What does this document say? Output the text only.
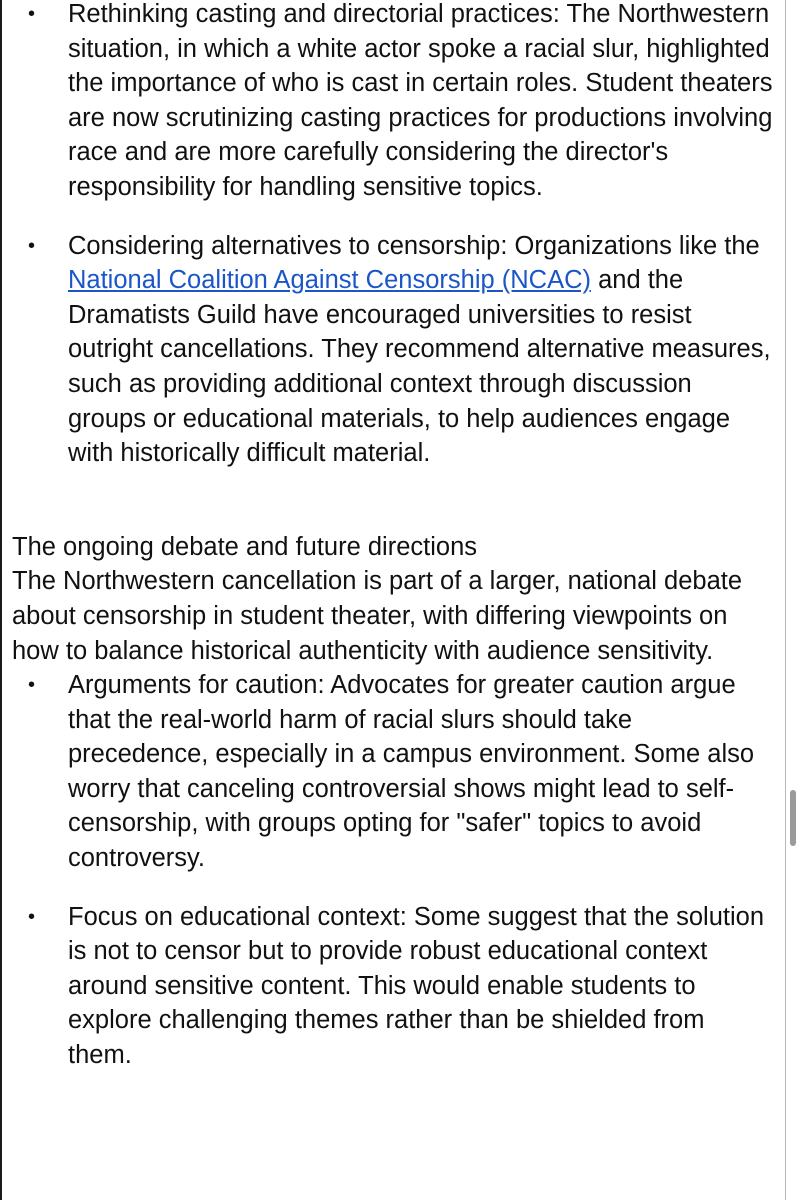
• Rethinking casting and directorial practices: The Northwestern situation, in which a white actor spoke a racial slur, highlighted the importance of who is cast in certain roles. Student theaters are now scrutinizing casting practices for productions involving race and are more carefully considering the director's responsibility for handling sensitive topics.
• Considering alternatives to censorship: Organizations like the National Coalition Against Censorship (NCAC) and the Dramatists Guild have encouraged universities to resist outright cancellations. They recommend alternative measures, such as providing additional context through discussion groups or educational materials, to help audiences engage with historically difficult material.
The ongoing debate and future directions
The Northwestern cancellation is part of a larger, national debate about censorship in student theater, with differing viewpoints on how to balance historical authenticity with audience sensitivity.
• Arguments for caution: Advocates for greater caution argue that the real-world harm of racial slurs should take precedence, especially in a campus environment. Some also worry that canceling controversial shows might lead to self-censorship, with groups opting for "safer" topics to avoid controversy.
• Focus on educational context: Some suggest that the solution is not to censor but to provide robust educational context around sensitive content. This would enable students to explore challenging themes rather than be shielded from them.
